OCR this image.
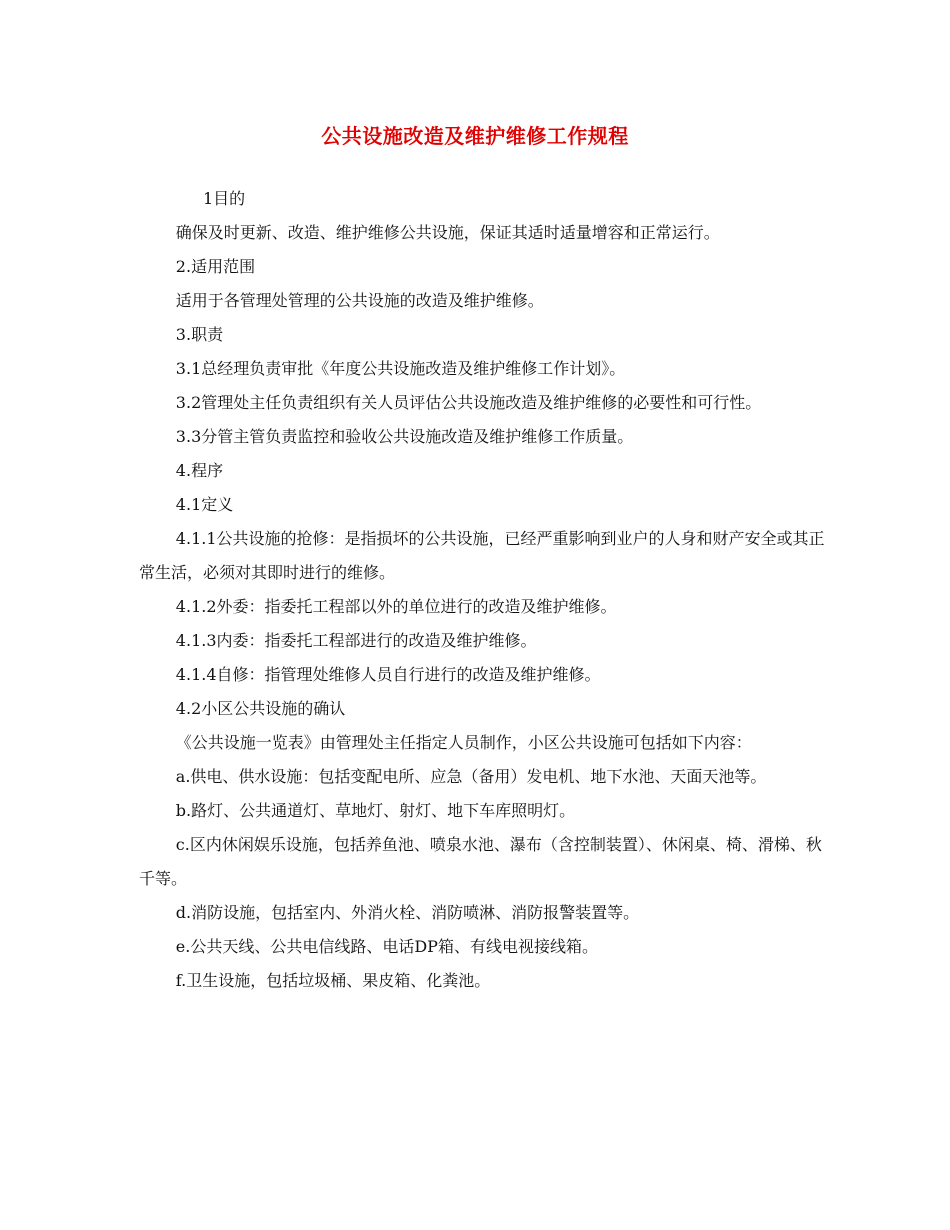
公共设施改造及维护维修工作规程

1目的

确保及时更新、改造、维护维修公共设施，保证其适时适量增容和正常运行。

2.适用范围

适用于各管理处管理的公共设施的改造及维护维修。

3.职责

3.1总经理负责审批《年度公共设施改造及维护维修工作计划》。

3.2管理处主任负责组织有关人员评估公共设施改造及维护维修的必要性和可行性。

3.3分管主管负责监控和验收公共设施改造及维护维修工作质量。

4.程序

4.1定义

4.1.1公共设施的抢修：是指损坏的公共设施，已经严重影响到业户的人身和财产安全或其正常生活，必须对其即时进行的维修。

4.1.2外委：指委托工程部以外的单位进行的改造及维护维修。

4.1.3内委：指委托工程部进行的改造及维护维修。

4.1.4自修：指管理处维修人员自行进行的改造及维护维修。

4.2小区公共设施的确认

《公共设施一览表》由管理处主任指定人员制作，小区公共设施可包括如下内容：

a.供电、供水设施：包括变配电所、应急（备用）发电机、地下水池、天面天池等。

b.路灯、公共通道灯、草地灯、射灯、地下车库照明灯。

c.区内休闲娱乐设施，包括养鱼池、喷泉水池、瀑布（含控制装置）、休闲桌、椅、滑梯、秋千等。

d.消防设施，包括室内、外消火栓、消防喷淋、消防报警装置等。

e.公共天线、公共电信线路、电话DP箱、有线电视接线箱。

f.卫生设施，包括垃圾桶、果皮箱、化粪池。
